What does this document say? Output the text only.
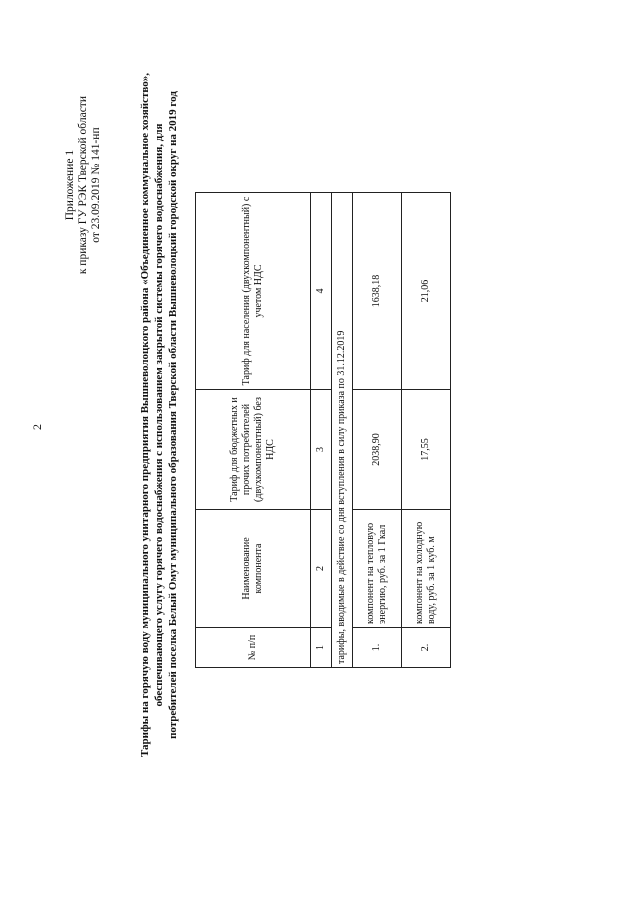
2
Приложение 1 к приказу ГУ РЭК Тверской области от 23.09.2019 № 141-нп	Тарифы на горячую воду муниципального унитарного предприятия Вышневолоцкого района «Объединенное коммунальное хозяйство», обеспечивающего услугу горячего водоснабжения с использованием закрытой системы горячего водоснабжения, для потребителей поселка Белый Омут муниципального образования Тверской области Вышневолоцкий городской округ на 2019 год	№ п/п	Наименование компонента	Тариф для бюджетных и прочих потребителей (двухкомпонентный) без НДС	Тариф для населения (двухкомпонентный) с учетом НДС
1	2	3	4
тарифы, вводимые в действие со дня вступления в силу приказа по 31.12.2019			
1.	компонент на тепловую энергию, руб. за 1 Гкал	2038,90	1638,18
2.	компонент на холодную воду, руб. за 1 куб. м	17,55	21,06
